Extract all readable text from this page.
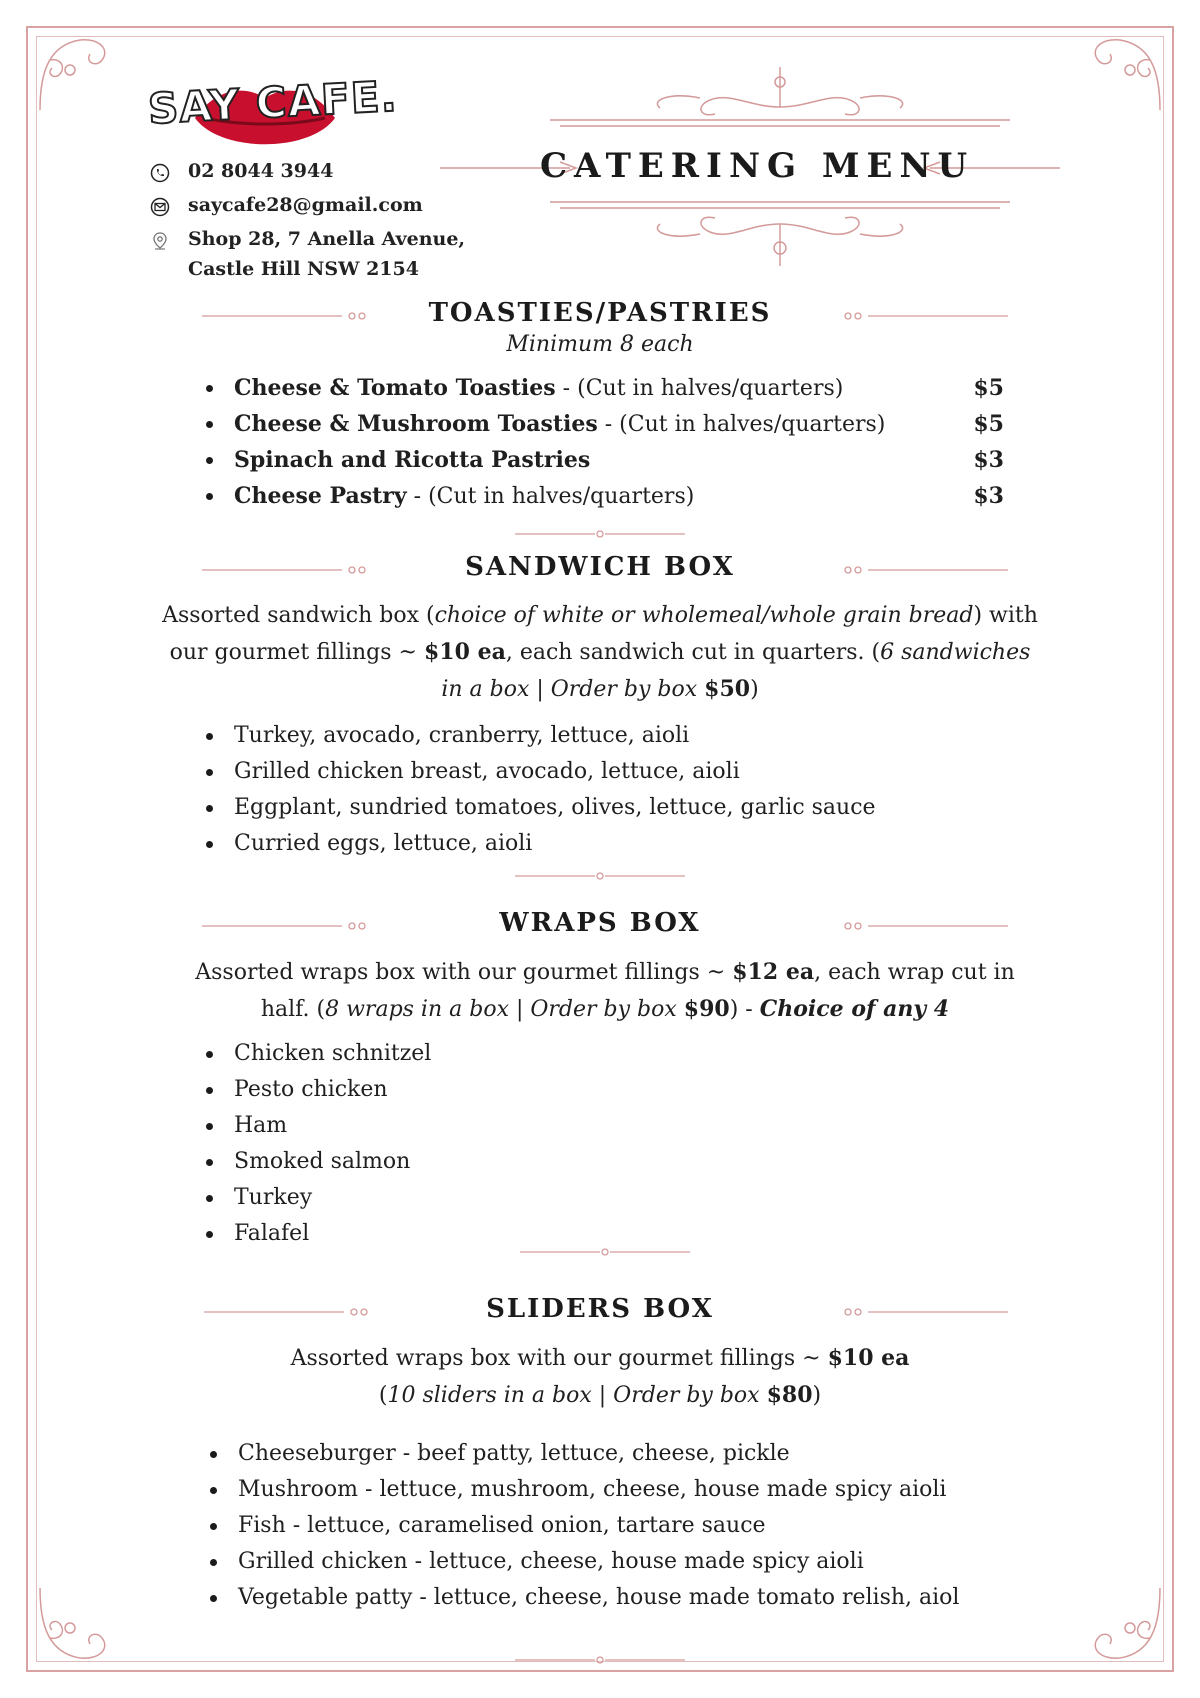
SAY CAFE.
02 8044 3944
saycafe28@gmail.com
Shop 28, 7 Anella Avenue,
Castle Hill NSW 2154
CATERING MENU
TOASTIES/PASTRIES
Minimum 8 each
Cheese & Tomato Toasties - (Cut in halves/quarters)	$5
Cheese & Mushroom Toasties - (Cut in halves/quarters)	$5
Spinach and Ricotta Pastries	$3
Cheese Pastry - (Cut in halves/quarters)	$3
SANDWICH BOX
Assorted sandwich box (choice of white or wholemeal/whole grain bread) with our gourmet fillings ~ $10 ea, each sandwich cut in quarters. (6 sandwiches in a box | Order by box $50)
Turkey, avocado, cranberry, lettuce, aioli
Grilled chicken breast, avocado, lettuce, aioli
Eggplant, sundried tomatoes, olives, lettuce, garlic sauce
Curried eggs, lettuce, aioli
WRAPS BOX
Assorted wraps box with our gourmet fillings ~ $12 ea, each wrap cut in half. (8 wraps in a box | Order by box $90) - Choice of any 4
Chicken schnitzel
Pesto chicken
Ham
Smoked salmon
Turkey
Falafel
SLIDERS BOX
Assorted wraps box with our gourmet fillings ~ $10 ea
(10 sliders in a box | Order by box $80)
Cheeseburger - beef patty, lettuce, cheese, pickle
Mushroom - lettuce, mushroom, cheese, house made spicy aioli
Fish - lettuce, caramelised onion, tartare sauce
Grilled chicken - lettuce, cheese, house made spicy aioli
Vegetable patty - lettuce, cheese, house made tomato relish, aiol
